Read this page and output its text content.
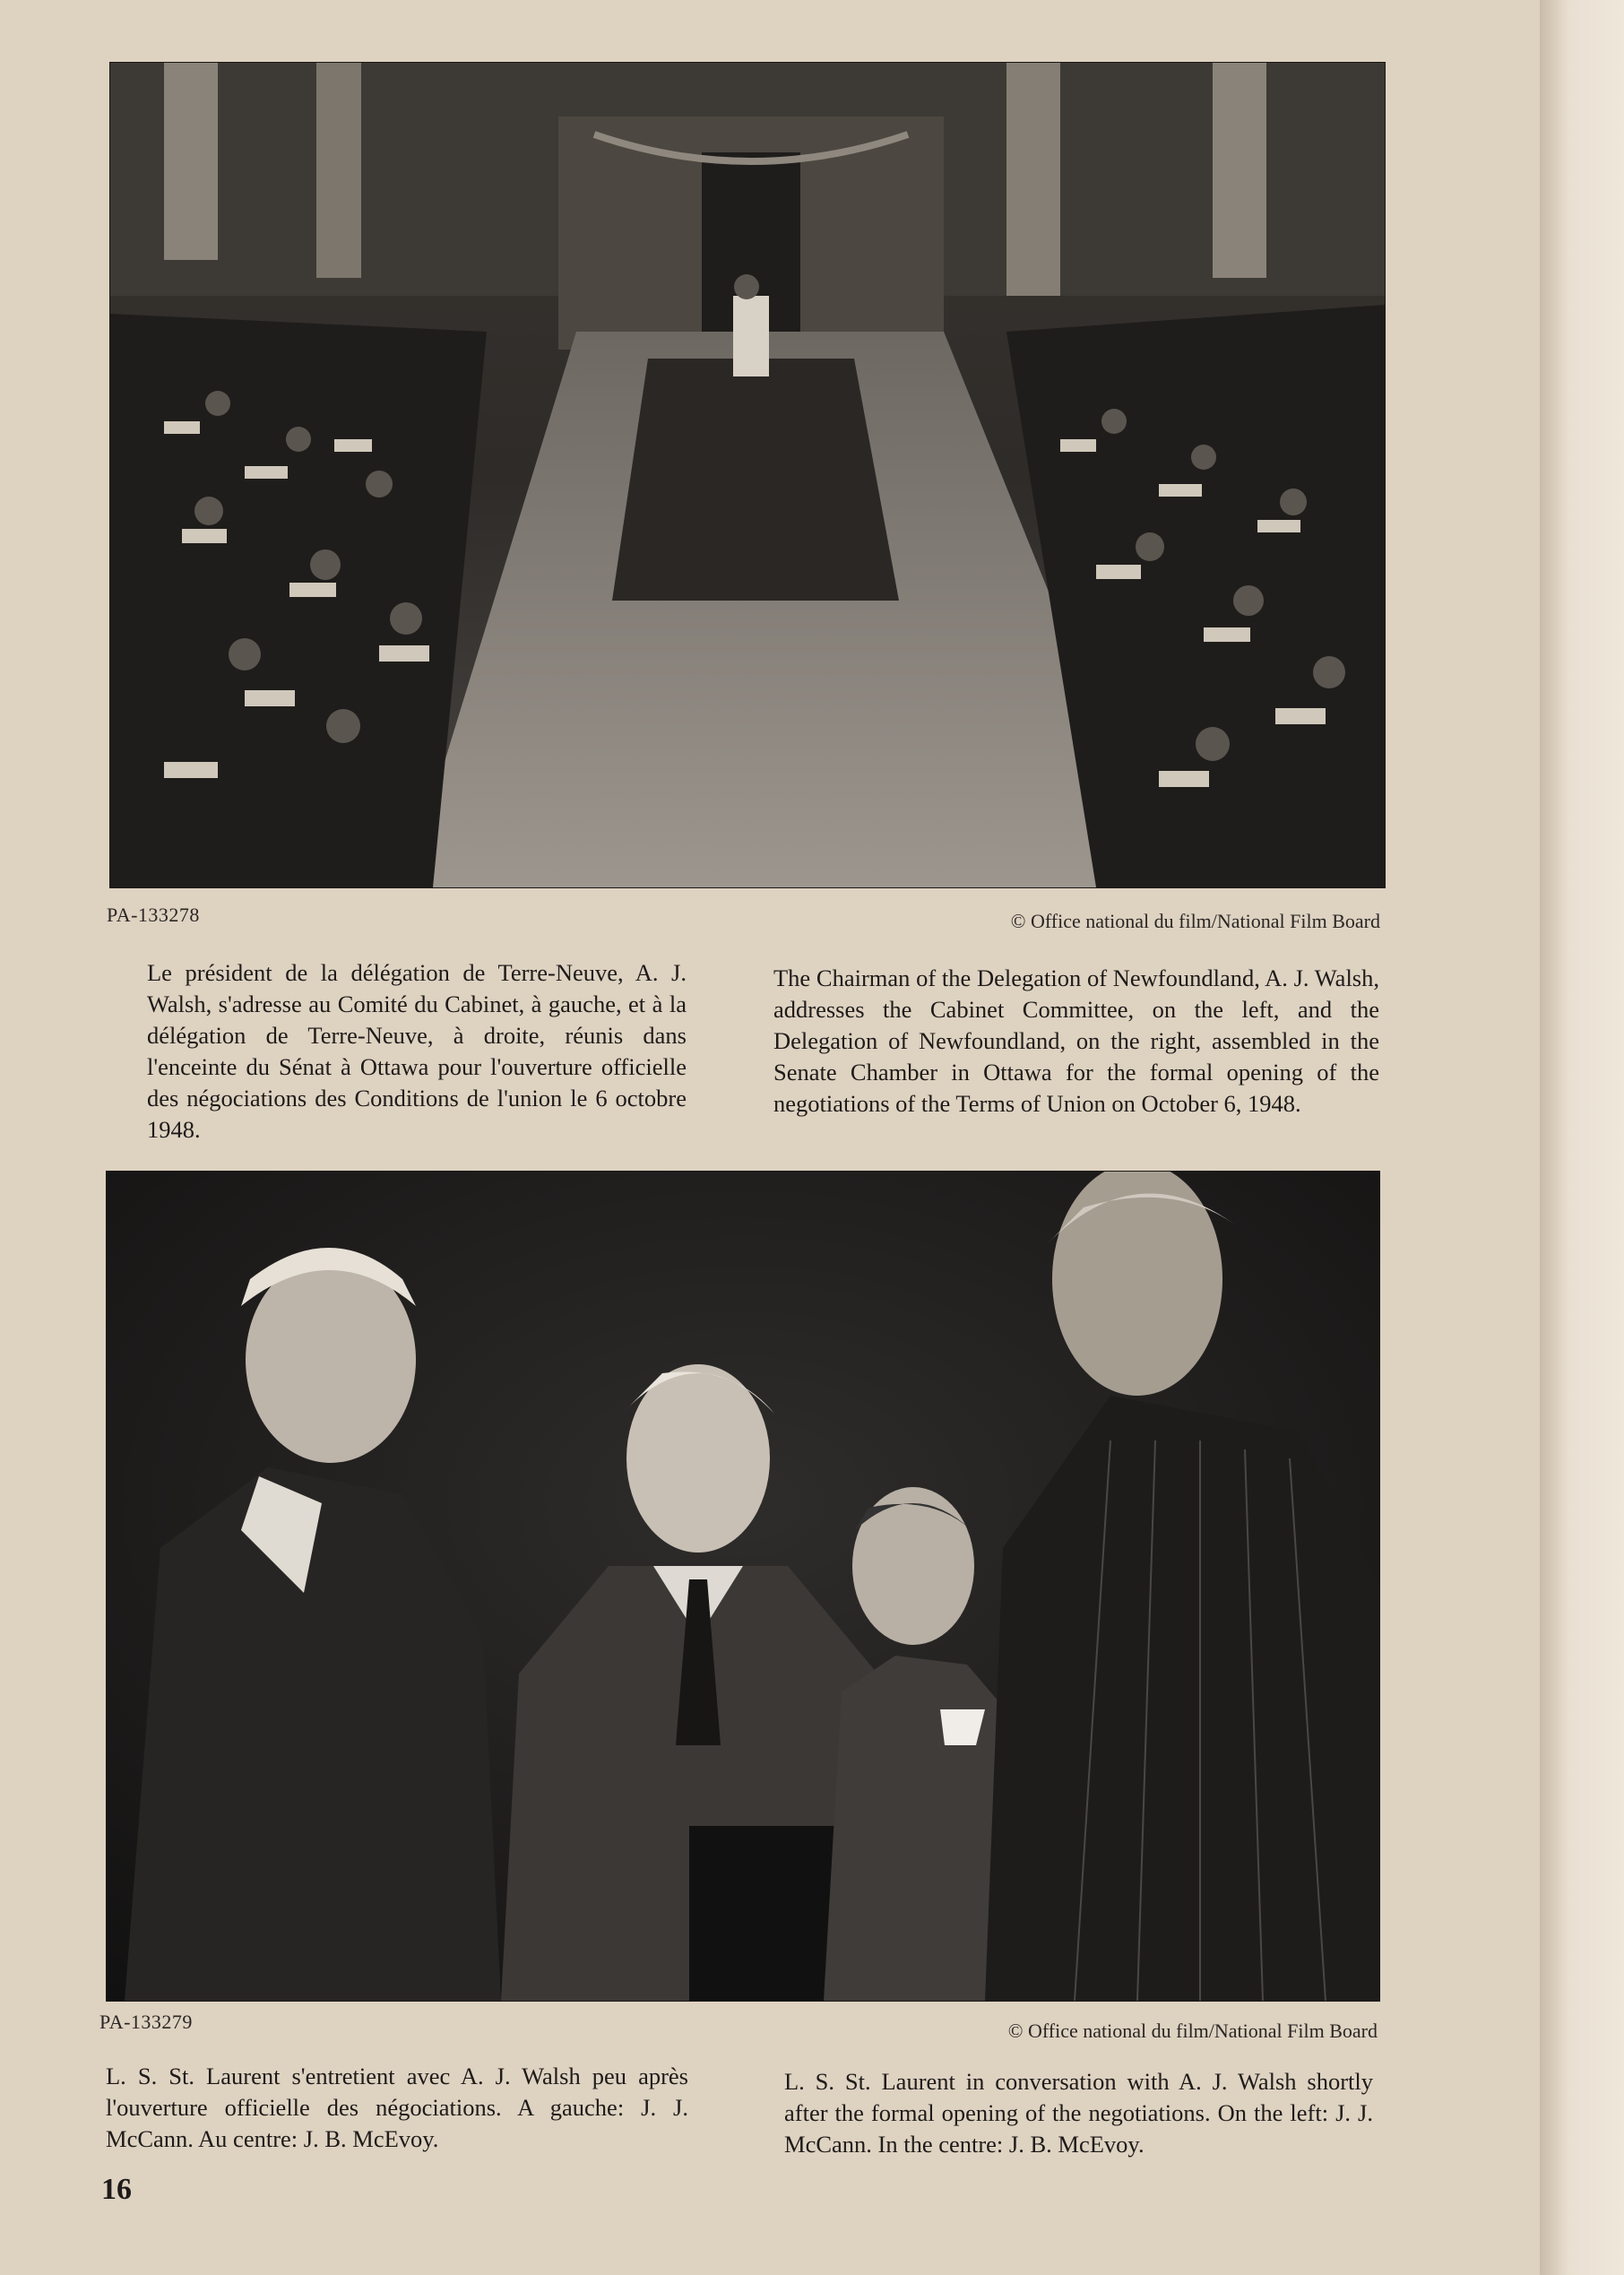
PA-133278	© Office national du film/National Film Board
Le président de la délégation de Terre-Neuve, A. J. Walsh, s'adresse au Comité du Cabinet, à gauche, et à la délégation de Terre-Neuve, à droite, réunis dans l'enceinte du Sénat à Ottawa pour l'ouverture officielle des négociations des Conditions de l'union le 6 octobre 1948.
The Chairman of the Delegation of Newfoundland, A. J. Walsh, addresses the Cabinet Committee, on the left, and the Delegation of Newfoundland, on the right, assembled in the Senate Chamber in Ottawa for the formal opening of the negotiations of the Terms of Union on October 6, 1948.
PA-133279	© Office national du film/National Film Board
L. S. St. Laurent s'entretient avec A. J. Walsh peu après l'ouverture officielle des négociations. A gauche: J. J. McCann. Au centre: J. B. McEvoy.
L. S. St. Laurent in conversation with A. J. Walsh shortly after the formal opening of the negotiations. On the left: J. J. McCann. In the centre: J. B. McEvoy.
16
